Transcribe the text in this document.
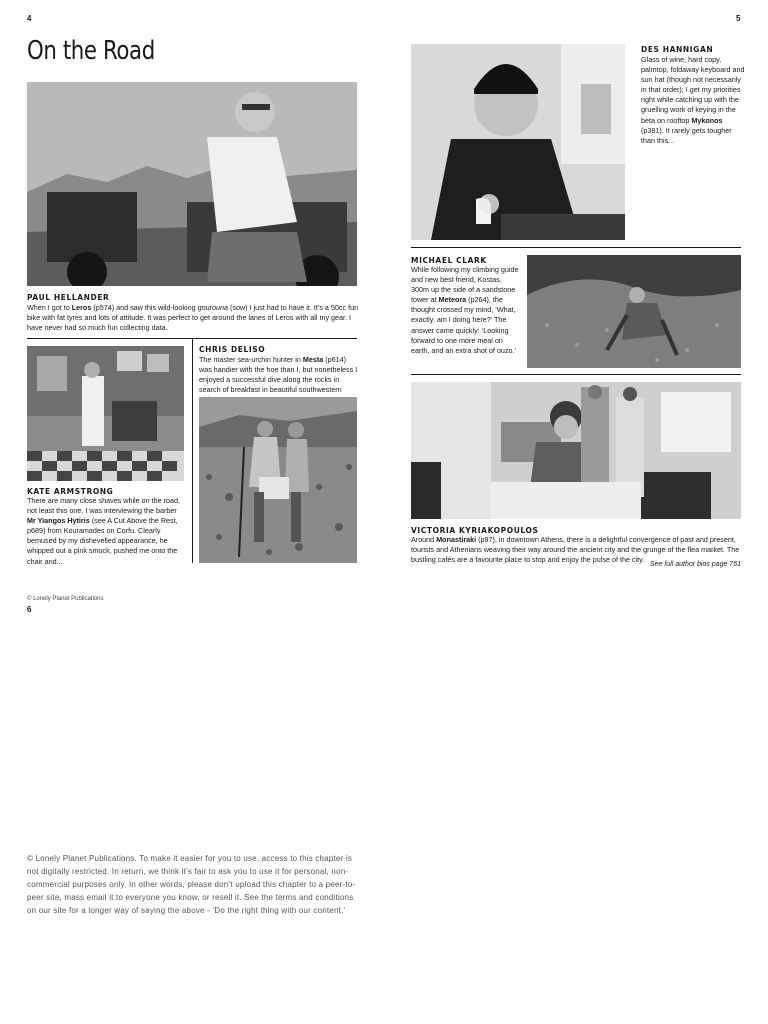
4	5
On the Road
PAUL HELLANDER
When I got to Leros (p574) and saw this wild-looking gourouna (sow) I just had to have it. It’s a 50cc fun bike with fat tyres and lots of attitude. It was perfect to get around the lanes of Leros with all my gear. I have never had so much fun collecting data.
KATE ARMSTRONG
There are many close shaves while on the road, not least this one. I was interviewing the barber Mr Yiangos Hytiris (see A Cut Above the Rest, p689) from Kouramades on Corfu. Clearly bemused by my dishevelled appearance, he whipped out a pink smock, pushed me onto the chair and...
CHRIS DELISO
The master sea-urchin hunter in Mesta (p614) was handier with the hoe than I, but nonetheless I enjoyed a successful dive along the rocks in search of breakfast in beautiful southwestern
DES HANNIGAN
Glass of wine, hard copy, palmtop, foldaway keyboard and sun hat (though not necessarily in that order); I get my priorities right while catching up with the gruelling work of keying in the beta on rooftop Mykonos (p381). It rarely gets tougher than this...
MICHAEL CLARK
While following my climbing guide and new best friend, Kostas, 300m up the side of a sandstone tower at Meteora (p264), the thought crossed my mind, ‘What, exactly, am I doing here?’ The answer came quickly: ‘Looking forward to one more meal on earth, and an extra shot of ouzo.’
VICTORIA KYRIAKOPOULOS
Around Monastiraki (p97), in downtown Athens, there is a delightful convergence of past and present, tourists and Athenians weaving their way around the ancient city and the grunge of the flea market. The bustling cafés are a favourite place to stop and enjoy the pulse of the city.
See full author bios page 761
© Lonely Planet Publications
6
© Lonely Planet Publications. To make it easier for you to use, access to this chapter is not digitally restricted. In return, we think it’s fair to ask you to use it for personal, non-commercial purposes only. In other words, please don’t upload this chapter to a peer-to-peer site, mass email it to everyone you know, or resell it. See the terms and conditions on our site for a longer way of saying the above - ‘Do the right thing with our content.’
